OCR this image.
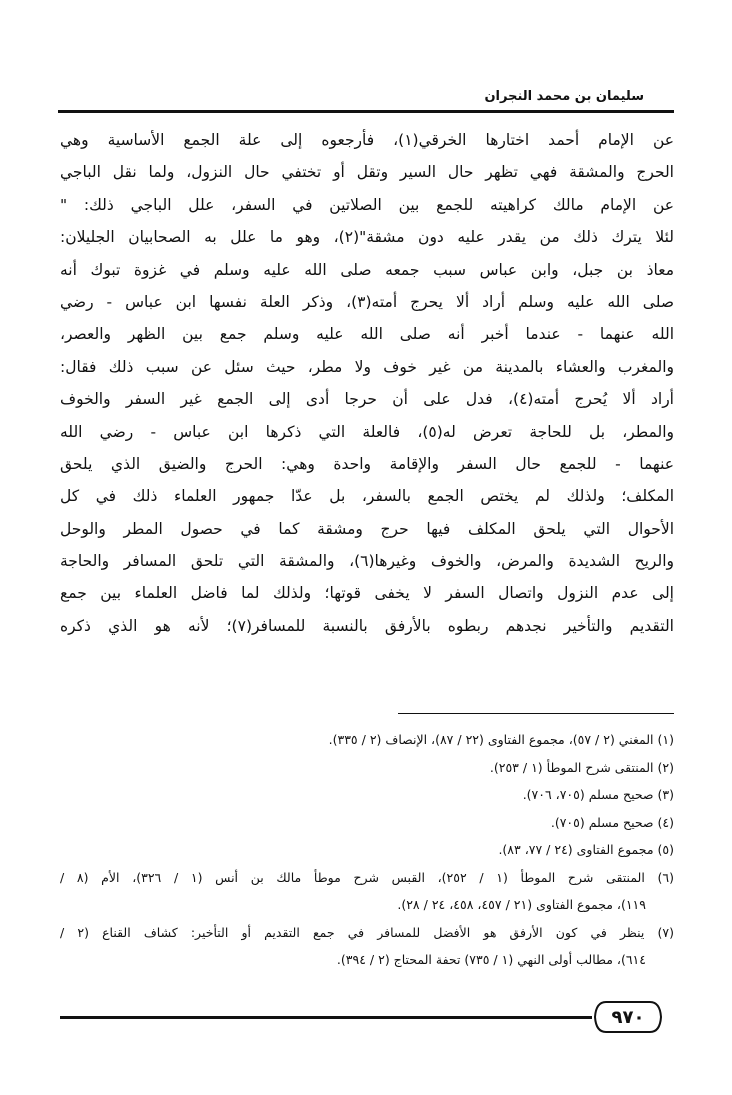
سليمان بن محمد النجران
عن الإمام أحمد اختارها الخرقي(١)، فأرجعوه إلى علة الجمع الأساسية وهي
الحرج والمشقة فهي تظهر حال السير وتقل أو تختفي حال النزول، ولما نقل الباجي
عن الإمام مالك كراهيته للجمع بين الصلاتين في السفر، علل الباجي ذلك: "
لئلا يترك ذلك من يقدر عليه دون مشقة"(٢)، وهو ما علل به الصحابيان الجليلان:
معاذ بن جبل، وابن عباس سبب جمعه صلى الله عليه وسلم في غزوة تبوك أنه
صلى الله عليه وسلم أراد ألا يحرج أمته(٣)، وذكر العلة نفسها ابن عباس - رضي
الله عنهما - عندما أخبر أنه صلى الله عليه وسلم جمع بين الظهر والعصر،
والمغرب والعشاء بالمدينة من غير خوف ولا مطر، حيث سئل عن سبب ذلك فقال:
أراد ألا يُحرج أمته(٤)، فدل على أن حرجا أدى إلى الجمع غير السفر والخوف
والمطر، بل للحاجة تعرض له(٥)، فالعلة التي ذكرها ابن عباس - رضي الله
عنهما - للجمع حال السفر والإقامة واحدة وهي: الحرج والضيق الذي يلحق
المكلف؛ ولذلك لم يختص الجمع بالسفر، بل عدّا جمهور العلماء ذلك في كل
الأحوال التي يلحق المكلف فيها حرج ومشقة كما في حصول المطر والوحل
والريح الشديدة والمرض، والخوف وغيرها(٦)، والمشقة التي تلحق المسافر والحاجة
إلى عدم النزول واتصال السفر لا يخفى قوتها؛ ولذلك لما فاضل العلماء بين جمع
التقديم والتأخير نجدهم ربطوه بالأرفق بالنسبة للمسافر(٧)؛ لأنه هو الذي ذكره
(١) المغني (٢ / ٥٧)، مجموع الفتاوى (٢٢ / ٨٧)، الإنصاف (٢ / ٣٣٥).
(٢) المنتقى شرح الموطأ (١ / ٢٥٣).
(٣) صحيح مسلم (٧٠٥، ٧٠٦).
(٤) صحيح مسلم (٧٠٥).
(٥) مجموع الفتاوى (٢٤ / ٧٧، ٨٣).
(٦) المنتقى شرح الموطأ (١ / ٢٥٢)، القبس شرح موطأ مالك بن أنس (١ / ٣٢٦)، الأم (٨ /
١١٩)، مجموع الفتاوى (٢١ / ٤٥٧، ٤٥٨، ٢٤ / ٢٨).
(٧) ينظر في كون الأرفق هو الأفضل للمسافر في جمع التقديم أو التأخير: كشاف القناع (٢ /
٦١٤)، مطالب أولى النهي (١ / ٧٣٥) تحفة المحتاج (٢ / ٣٩٤).
٩٧٠
